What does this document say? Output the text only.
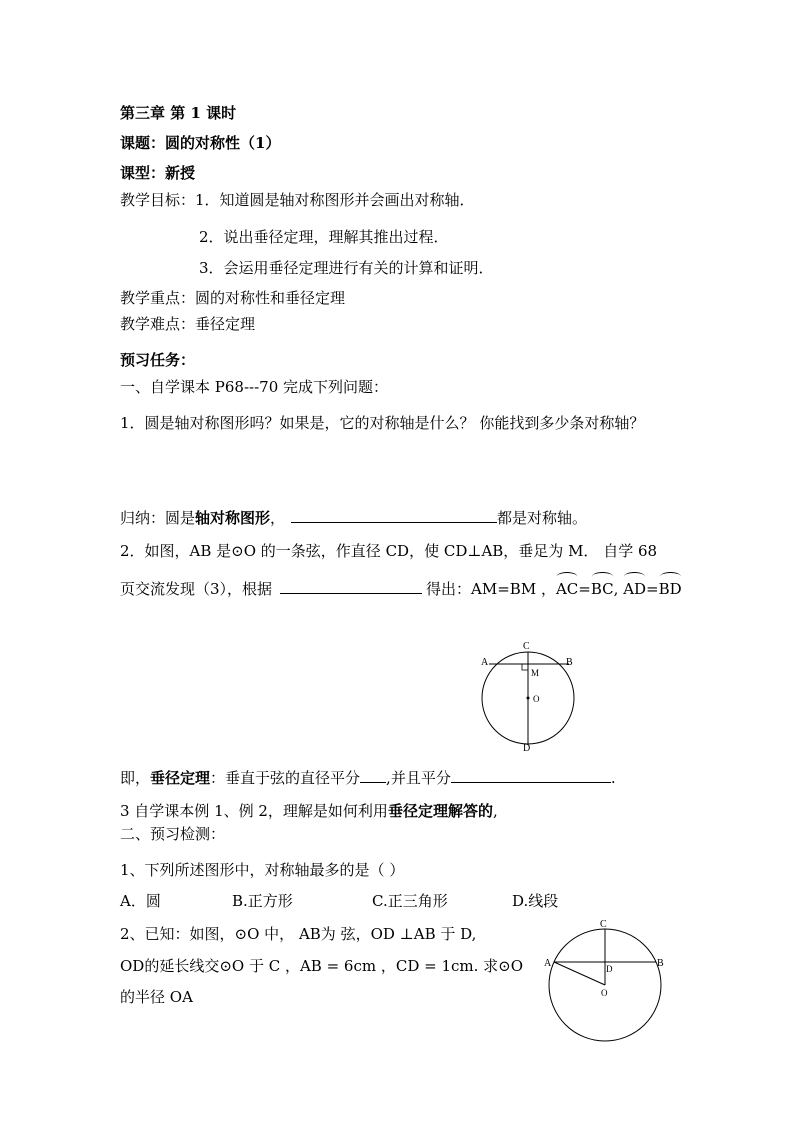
第三章 第 1 课时
课题：圆的对称性（1）
课型：新授
教学目标：1．知道圆是轴对称图形并会画出对称轴．
2．说出垂径定理，理解其推出过程．
3．会运用垂径定理进行有关的计算和证明．
教学重点：圆的对称性和垂径定理
教学难点：垂径定理
预习任务：
一、自学课本 P68---70 完成下列问题：
1．圆是轴对称图形吗？如果是，它的对称轴是什么？ 你能找到多少条对称轴？
归纳：圆是轴对称图形，	都是对称轴。
2．如图，AB 是⊙O 的一条弦，作直径 CD，使 CD⊥AB，垂足为 M． 自学 68
页交流发现（3），根据	得出：AM=BM ，AC=BC, AD=BD
A	B
C
D
M
O
即，垂径定理：垂直于弦的直径平分 ,并且平分	.
3 自学课本例 1、例 2，理解是如何利用垂径定理解答的,
二、预习检测：
1、下列所述图形中，对称轴最多的是（ ）
A．圆	B.正方形	C.正三角形	D.线段
2、已知：如图，⊙O 中， AB为 弦，OD ⊥AB 于 D,
OD的延长线交⊙O 于 C ，AB = 6cm ，CD = 1cm. 求⊙O
的半径 OA
C
A	B
D
O
